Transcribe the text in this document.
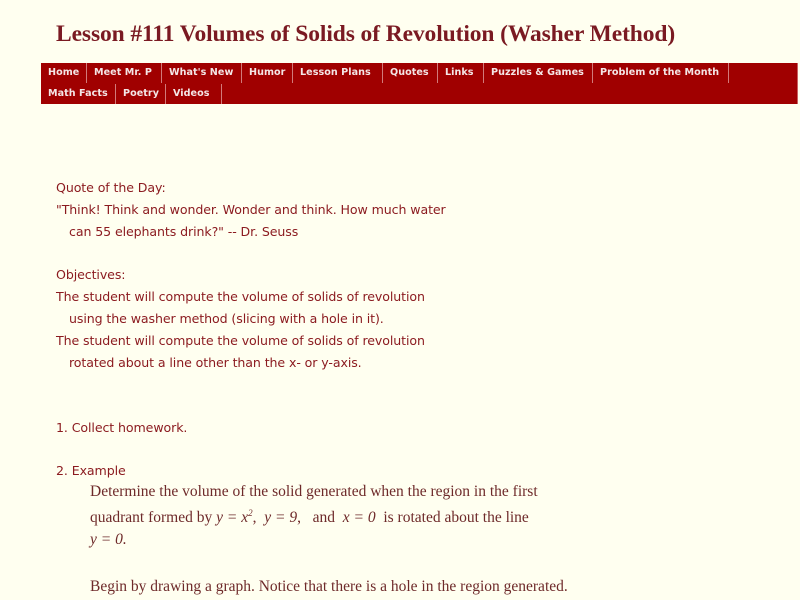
Lesson #111 Volumes of Solids of Revolution (Washer Method)
Home	Meet Mr. P	What's New	Humor	Lesson Plans	Quotes	Links	Puzzles & Games	Problem of the Month
Math Facts	Poetry	Videos
Quote of the Day:
"Think! Think and wonder. Wonder and think. How much water
can 55 elephants drink?" -- Dr. Seuss
Objectives:
The student will compute the volume of solids of revolution
using the washer method (slicing with a hole in it).
The student will compute the volume of solids of revolution
rotated about a line other than the x- or y-axis.
1. Collect homework.
2. Example
Determine the volume of the solid generated when the region in the first
quadrant formed by $y = x^2$,  y = 9,   and x = 0 is rotated about the line
y = 0.
Begin by drawing a graph. Notice that there is a hole in the region generated.
